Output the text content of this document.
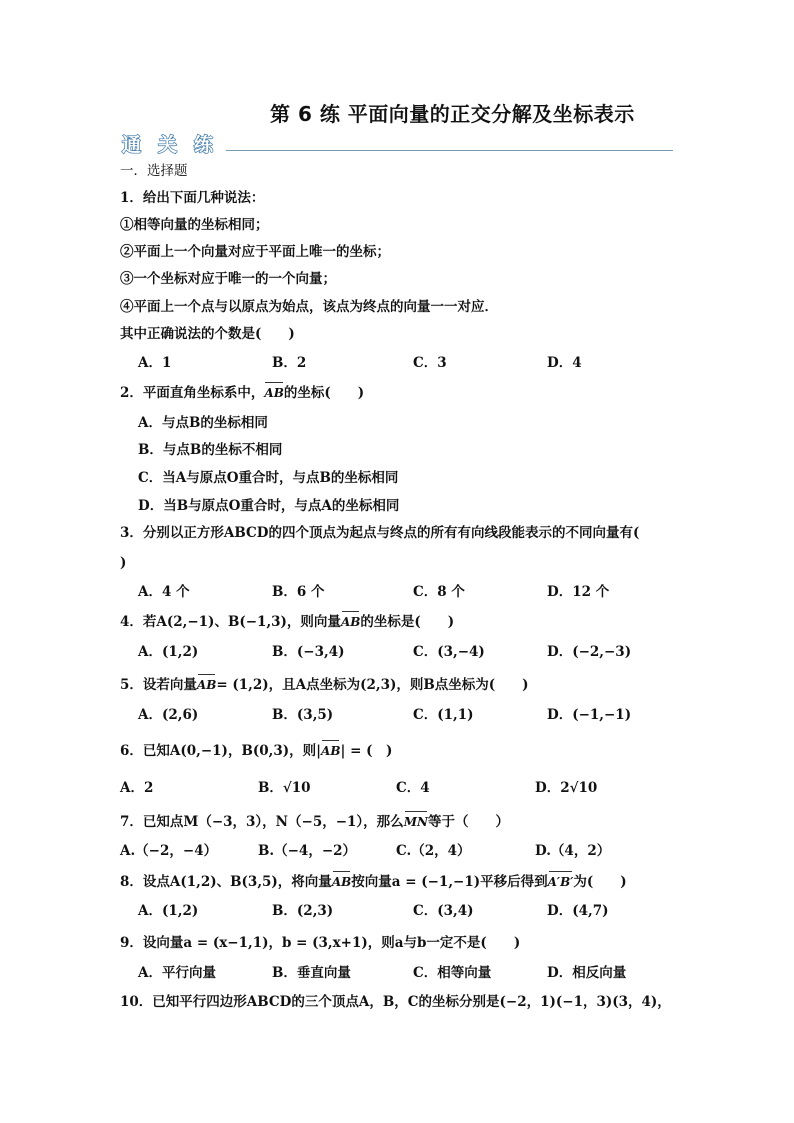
第 6 练 平面向量的正交分解及坐标表示
通 关 练
一．选择题
1．给出下面几种说法：
①相等向量的坐标相同；
②平面上一个向量对应于平面上唯一的坐标；
③一个坐标对应于唯一的一个向量；
④平面上一个点与以原点为始点，该点为终点的向量一一对应．
其中正确说法的个数是(　　)
A．1	B．2	C．3	D．4
2．平面直角坐标系中，AB的坐标(　　)
A．与点B的坐标相同
B．与点B的坐标不相同
C．当A与原点O重合时，与点B的坐标相同
D．当B与原点O重合时，与点A的坐标相同
3．分别以正方形ABCD的四个顶点为起点与终点的所有有向线段能表示的不同向量有(
)
A．4 个	B．6 个	C．8 个	D．12 个
4．若A(2,−1)、B(−1,3)，则向量AB的坐标是(　　)
A．(1,2)	B．(−3,4)	C．(3,−4)	D．(−2,−3)
5．设若向量AB= (1,2)，且A点坐标为(2,3)，则B点坐标为(　　)
A．(2,6)	B．(3,5)	C．(1,1)	D．(−1,−1)
6．已知A(0,−1)，B(0,3)，则|AB| = (　)
A．2	B．√10	C．4	D．2√10
7．已知点M（−3，3），N（−5，−1），那么MN等于（　　）
A.（−2，−4）	B.（−4，−2）	C.（2，4）	D.（4，2）
8．设点A(1,2)、B(3,5)，将向量AB按向量a = (−1,−1)平移后得到A′B′为(　　)
A．(1,2)	B．(2,3)	C．(3,4)	D．(4,7)
9．设向量a = (x−1,1)，b = (3,x+1)，则a与b一定不是(　　)
A．平行向量	B．垂直向量	C．相等向量	D．相反向量
10．已知平行四边形ABCD的三个顶点A，B，C的坐标分别是(−2，1)(−1，3)(3，4)，
